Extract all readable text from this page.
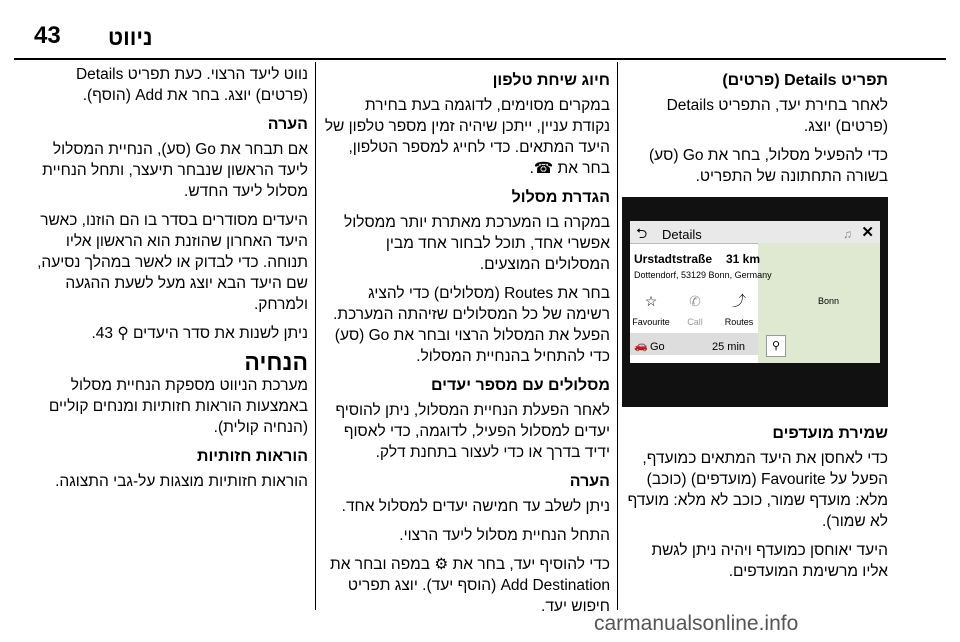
43 ניווט
תפריט Details (פרטים)

לאחר בחירת יעד, התפריט Details (פרטים) יוצג.

כדי להפעיל מסלול, בחר את Go (סע) בשורה התחתונה של התפריט.

⮌ Details	♫ ✕
Bonn
Urstadtstraße 31 km
Dottendorf, 53129 Bonn, Germany
☆
Favourite
✆
Call
⤴
Routes
🚗 Go	25 min	⚲
שמירת מועדפים

כדי לאחסן את היעד המתאים כמועדף, הפעל על Favourite (מועדפים) (כוכב) מלא: מועדף שמור, כוכב לא מלא: מועדף לא שמור).

היעד יאוחסן כמועדף ויהיה ניתן לגשת אליו מרשימת המועדפים.

חיוג שיחת טלפון

במקרים מסוימים, לדוגמה בעת בחירת נקודת עניין, ייתכן שיהיה זמין מספר טלפון של היעד המתאים. כדי לחייג למספר הטלפון, בחר את ☎.

הגדרת מסלול

במקרה בו המערכת מאתרת יותר ממסלול אפשרי אחד, תוכל לבחור אחד מבין המסלולים המוצעים.

בחר את Routes (מסלולים) כדי להציג רשימה של כל המסלולים שזיהתה המערכת. הפעל את המסלול הרצוי ובחר את Go (סע) כדי להתחיל בהנחיית המסלול.

מסלולים עם מספר יעדים

לאחר הפעלת הנחיית המסלול, ניתן להוסיף יעדים למסלול הפעיל, לדוגמה, כדי לאסוף ידיד בדרך או כדי לעצור בתחנת דלק.

הערה

ניתן לשלב עד חמישה יעדים למסלול אחד.

התחל הנחיית מסלול ליעד הרצוי.

כדי להוסיף יעד, בחר את ⚙ במפה ובחר את Add Destination (הוסף יעד). יוצג תפריט חיפוש יעד.

נווט ליעד הרצוי. כעת תפריט Details (פרטים) יוצג. בחר את Add (הוסף).

הערה

אם תבחר את Go (סע), הנחיית המסלול ליעד הראשון שנבחר תיעצר, ותחל הנחיית מסלול ליעד החדש.

היעדים מסודרים בסדר בו הם הוזנו, כאשר היעד האחרון שהוזנת הוא הראשון אליו תנוחה. כדי לבדוק או לאשר במהלך נסיעה, שם היעד הבא יוצג מעל לשעת ההגעה ולמרחק.

ניתן לשנות את סדר היעדים ⚲ 43.

הנחיה

מערכת הניווט מספקת הנחיית מסלול באמצעות הוראות חזותיות ומנחים קוליים (הנחיה קולית).

הוראות חזותיות

הוראות חזותיות מוצגות על-גבי התצוגה.

carmanualsonline.info
